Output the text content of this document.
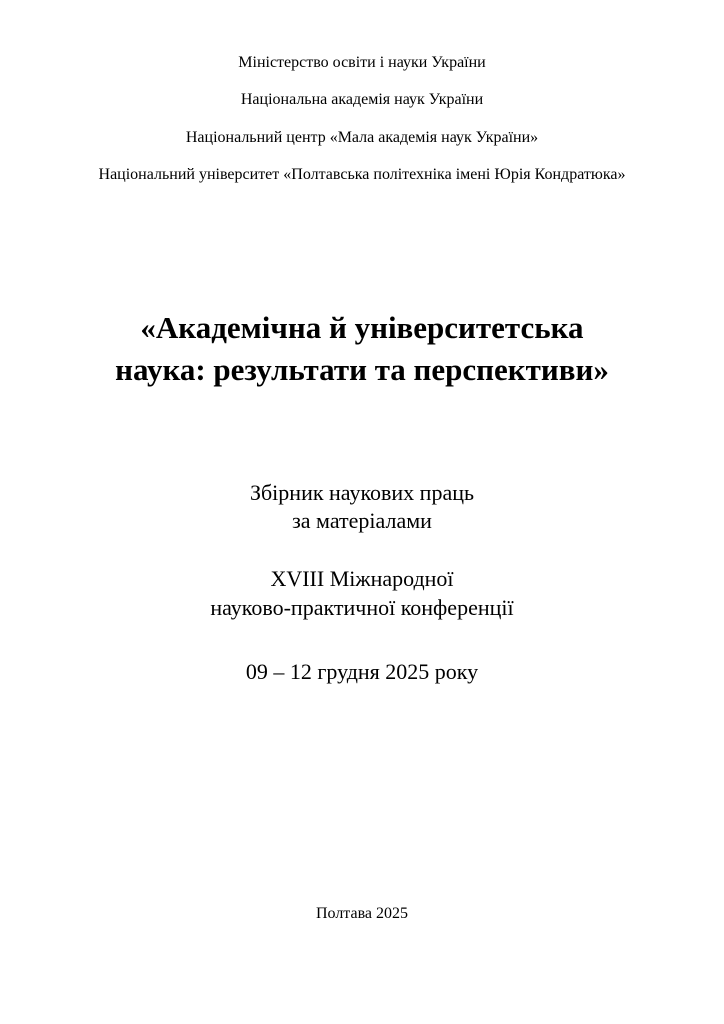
Міністерство освіти і науки України
Національна академія наук України
Національний центр «Мала академія наук України»
Національний університет «Полтавська політехніка імені Юрія Кондратюка»
«Академічна й університетська
наука: результати та перспективи»
Збірник наукових праць
за матеріалами
XVIII Міжнародної
науково-практичної конференції
09 – 12 грудня 2025 року
Полтава 2025
